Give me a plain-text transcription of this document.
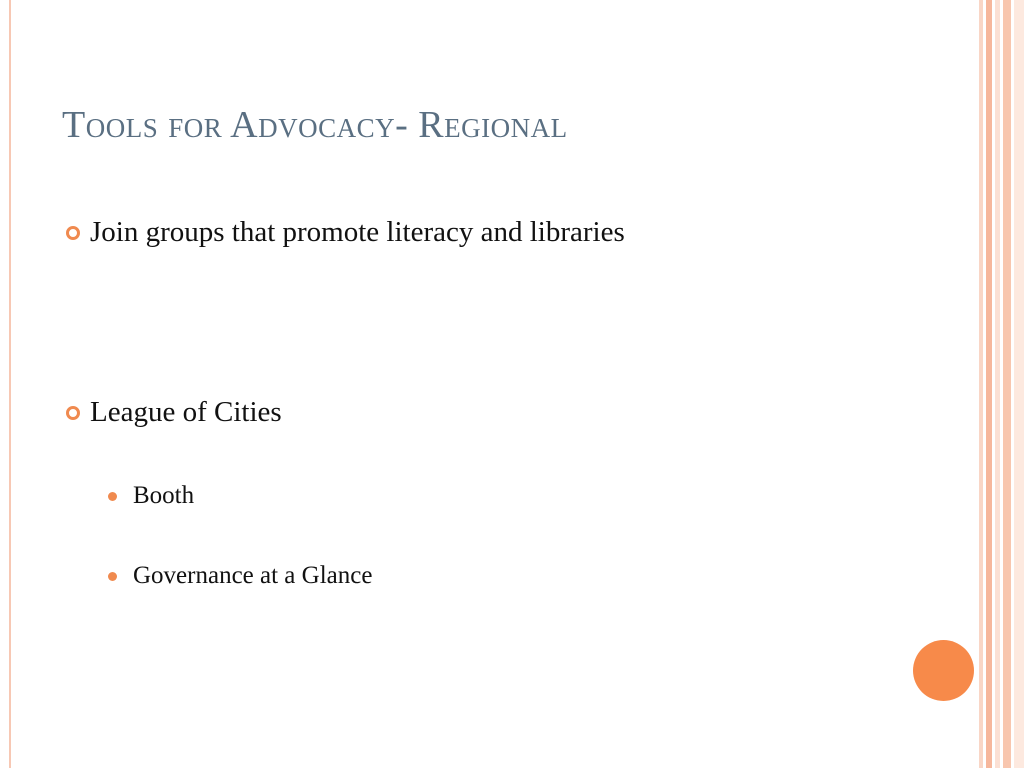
Tools for Advocacy- Regional
Join groups that promote literacy and libraries
League of Cities
Booth
Governance at a Glance
